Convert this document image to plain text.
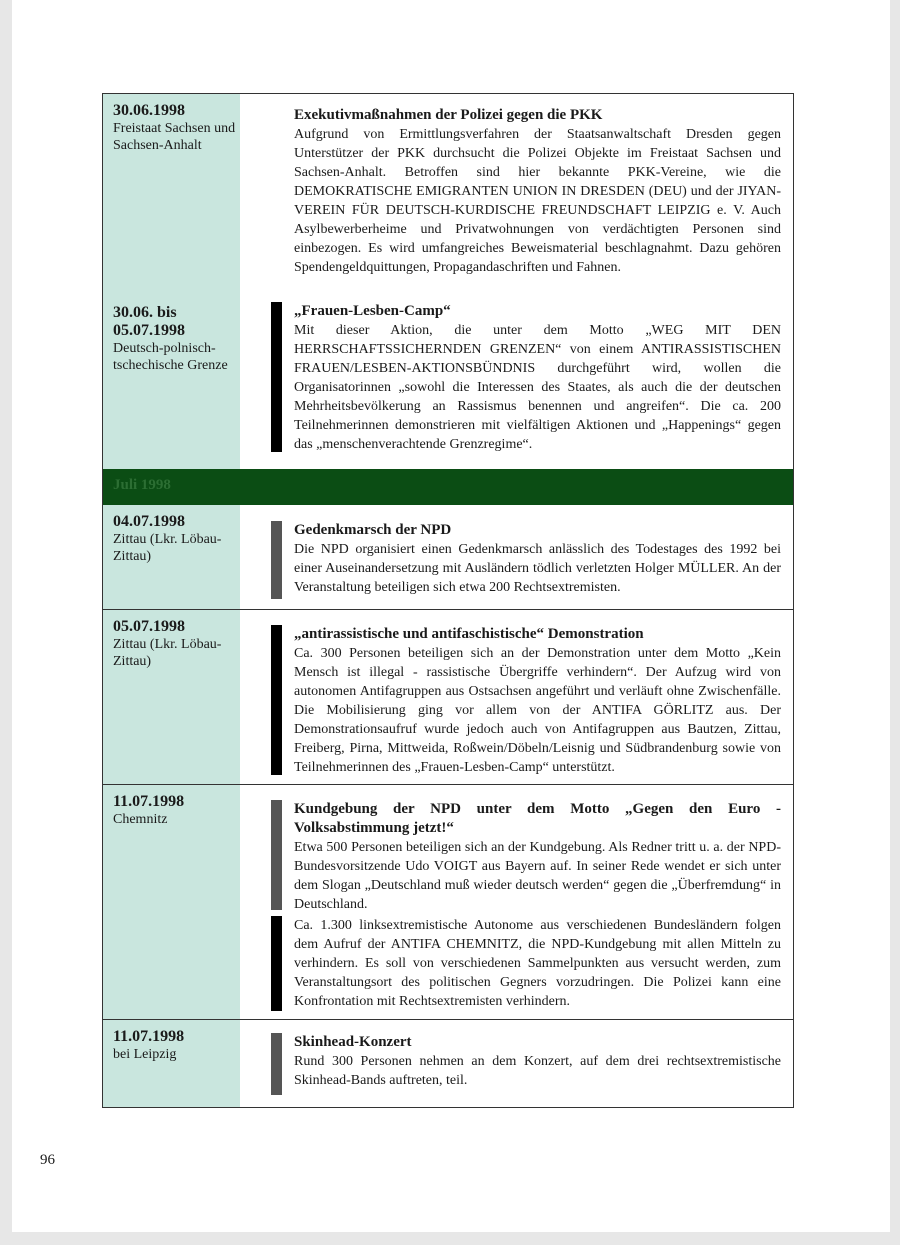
30.06.1998
Freistaat Sachsen und Sachsen-Anhalt
Exekutivmaßnahmen der Polizei gegen die PKK
Aufgrund von Ermittlungsverfahren der Staatsanwaltschaft Dresden gegen Unterstützer der PKK durchsucht die Polizei Objekte im Freistaat Sachsen und Sachsen-Anhalt. Betroffen sind hier bekannte PKK-Vereine, wie die DEMOKRATISCHE EMIGRANTEN UNION IN DRESDEN (DEU) und der JIYAN-VEREIN FÜR DEUTSCH-KURDISCHE FREUNDSCHAFT LEIPZIG e. V. Auch Asylbewerberheime und Privatwohnungen von verdächtigten Personen sind einbezogen. Es wird umfangreiches Beweismaterial beschlagnahmt. Dazu gehören Spendengeldquittungen, Propagandaschriften und Fahnen.
30.06. bis 05.07.1998
Deutsch-polnisch-tschechische Grenze
„Frauen-Lesben-Camp“
Mit dieser Aktion, die unter dem Motto „WEG MIT DEN HERRSCHAFTSSICHERNDEN GRENZEN“ von einem ANTIRASSISTISCHEN FRAUEN/LESBEN-AKTIONSBÜNDNIS durchgeführt wird, wollen die Organisatorinnen „sowohl die Interessen des Staates, als auch die der deutschen Mehrheitsbevölkerung an Rassismus benennen und angreifen“. Die ca. 200 Teilnehmerinnen demonstrieren mit vielfältigen Aktionen und „Happenings“ gegen das „menschenverachtende Grenzregime“.
Juli 1998
04.07.1998
Zittau (Lkr. Löbau-Zittau)
Gedenkmarsch der NPD
Die NPD organisiert einen Gedenkmarsch anlässlich des Todestages des 1992 bei einer Auseinandersetzung mit Ausländern tödlich verletzten Holger MÜLLER. An der Veranstaltung beteiligen sich etwa 200 Rechtsextremisten.
05.07.1998
Zittau (Lkr. Löbau-Zittau)
„antirassistische und antifaschistische“ Demonstration
Ca. 300 Personen beteiligen sich an der Demonstration unter dem Motto „Kein Mensch ist illegal - rassistische Übergriffe verhindern“. Der Aufzug wird von autonomen Antifagruppen aus Ostsachsen angeführt und verläuft ohne Zwischenfälle. Die Mobilisierung ging vor allem von der ANTIFA GÖRLITZ aus. Der Demonstrationsaufruf wurde jedoch auch von Antifagruppen aus Bautzen, Zittau, Freiberg, Pirna, Mittweida, Roßwein/Döbeln/Leisnig und Südbrandenburg sowie von Teilnehmerinnen des „Frauen-Lesben-Camp“ unterstützt.
11.07.1998
Chemnitz
Kundgebung der NPD unter dem Motto „Gegen den Euro - Volksabstimmung jetzt!“
Etwa 500 Personen beteiligen sich an der Kundgebung. Als Redner tritt u. a. der NPD-Bundesvorsitzende Udo VOIGT aus Bayern auf. In seiner Rede wendet er sich unter dem Slogan „Deutschland muß wieder deutsch werden“ gegen die „Überfremdung“ in Deutschland.
Ca. 1.300 linksextremistische Autonome aus verschiedenen Bundesländern folgen dem Aufruf der ANTIFA CHEMNITZ, die NPD-Kundgebung mit allen Mitteln zu verhindern. Es soll von verschiedenen Sammelpunkten aus versucht werden, zum Veranstaltungsort des politischen Gegners vorzudringen. Die Polizei kann eine Konfrontation mit Rechtsextremisten verhindern.
11.07.1998
bei Leipzig
Skinhead-Konzert
Rund 300 Personen nehmen an dem Konzert, auf dem drei rechtsextremistische Skinhead-Bands auftreten, teil.
96
